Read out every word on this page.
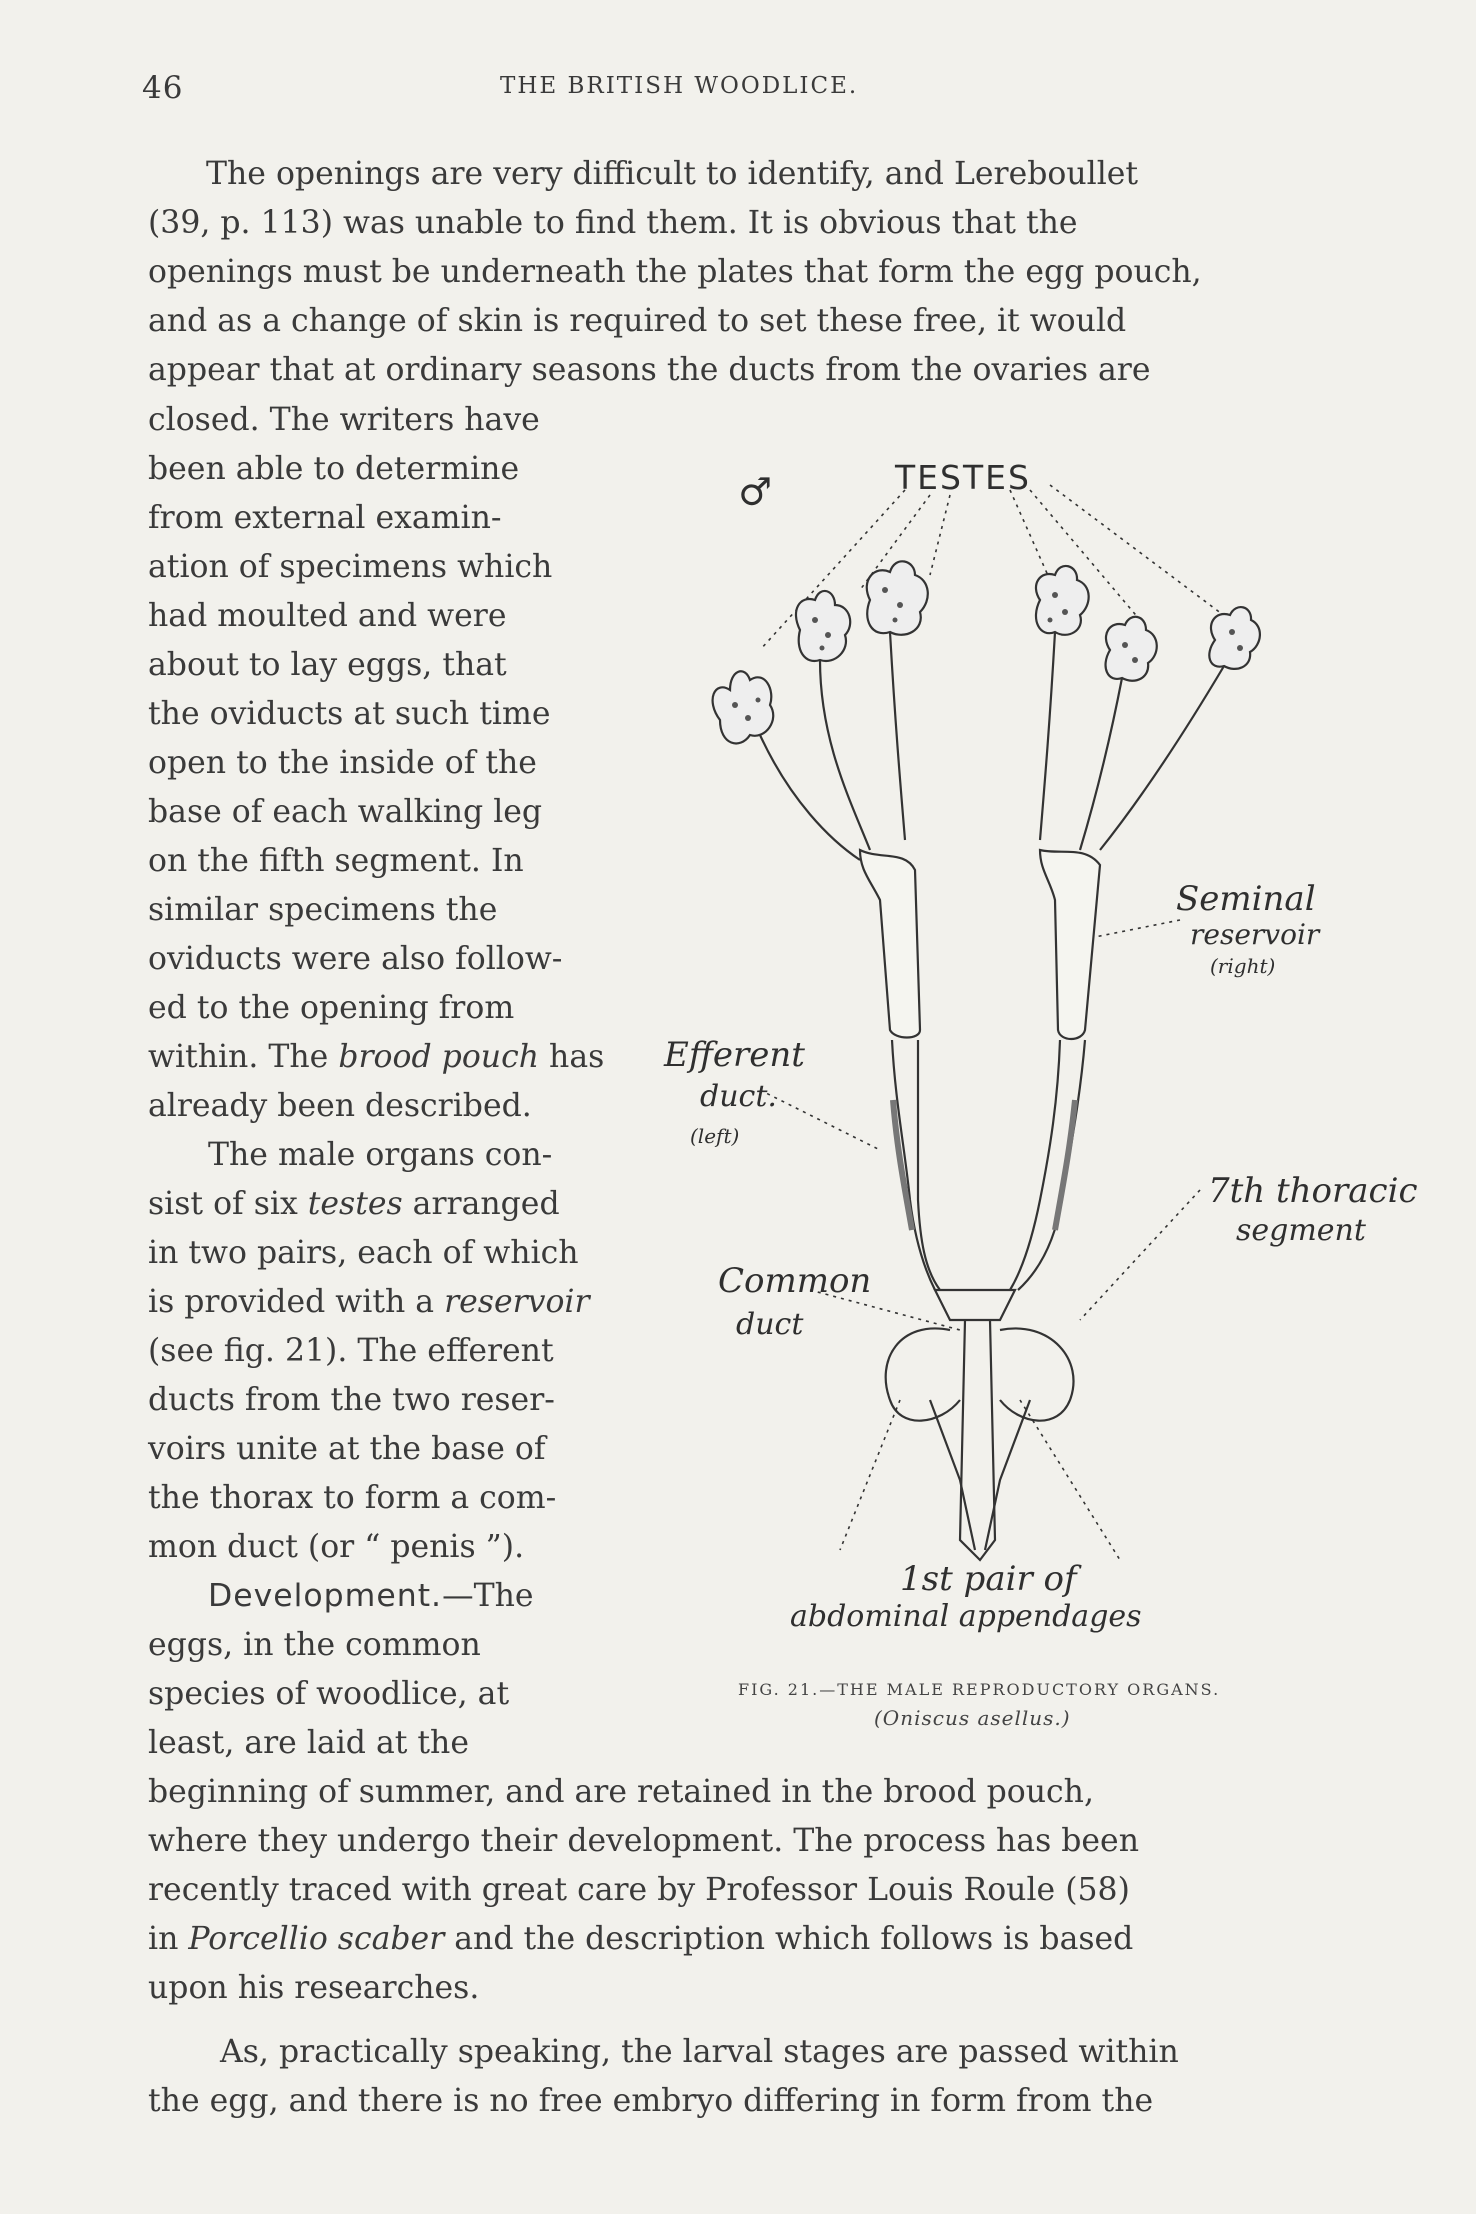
46	THE BRITISH WOODLICE.
The openings are very difficult to identify, and Lereboullet
(39, p. 113) was unable to find them. It is obvious that the
openings must be underneath the plates that form the egg pouch,
and as a change of skin is required to set these free, it would
appear that at ordinary seasons the ducts from the ovaries are
closed. The writers have
been able to determine
from external examin-
ation of specimens which
had moulted and were
about to lay eggs, that
the oviducts at such time
open to the inside of the
base of each walking leg
on the fifth segment. In
similar specimens the
oviducts were also follow-
ed to the opening from
within. The brood pouch has
already been described.
The male organs con-
sist of six testes arranged
in two pairs, each of which
is provided with a reservoir
(see fig. 21). The efferent
ducts from the two reser-
voirs unite at the base of
the thorax to form a com-
mon duct (or “ penis ”).
Development.—The
eggs, in the common
species of woodlice, at
least, are laid at the
beginning of summer, and are retained in the brood pouch,
where they undergo their development. The process has been
recently traced with great care by Professor Louis Roule (58)
in Porcellio scaber and the description which follows is based
upon his researches.
As, practically speaking, the larval stages are passed within
the egg, and there is no free embryo differing in form from the
♂	TESTES
Seminal
reservoir
(right)
Efferent
duct.
(left)
7th thoracic
segment
Common
duct
1st pair of
abdominal appendages
FIG. 21.—THE MALE REPRODUCTORY ORGANS.
(Oniscus asellus.)
